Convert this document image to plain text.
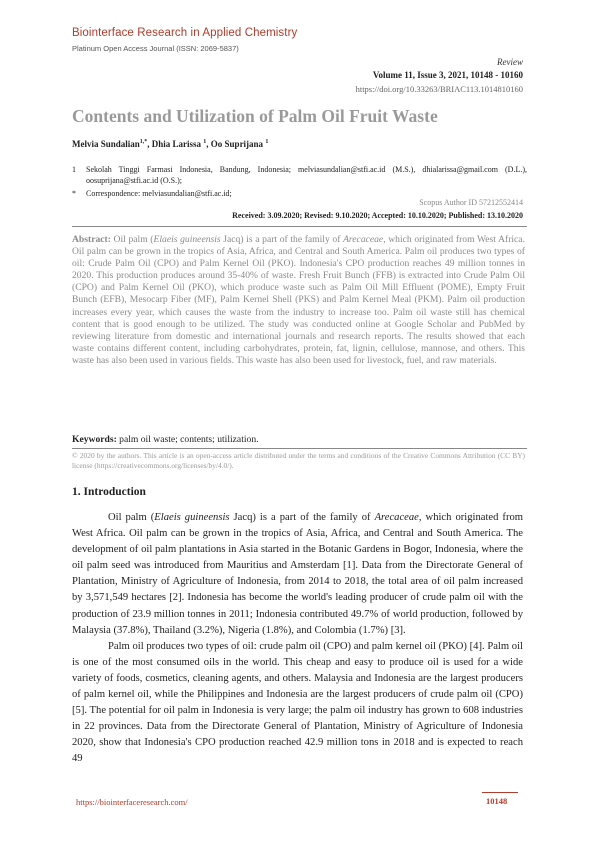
Biointerface Research in Applied Chemistry
Platinum Open Access Journal (ISSN: 2069-5837)
Review
Volume 11, Issue 3, 2021, 10148 - 10160
https://doi.org/10.33263/BRIAC113.1014810160
Contents and Utilization of Palm Oil Fruit Waste
Melvia Sundalian$^{1,*}$, Dhia Larissa $^1$, Oo Suprijana $^1$
1	Sekolah Tinggi Farmasi Indonesia, Bandung, Indonesia; melviasundalian@stfi.ac.id (M.S.), dhialarissa@gmail.com (D.L.), oosuprijana@stfi.ac.id (O.S.);
*	Correspondence: melviasundalian@stfi.ac.id;
Scopus Author ID 57212552414
Received: 3.09.2020; Revised: 9.10.2020; Accepted: 10.10.2020; Published: 13.10.2020
Abstract: Oil palm (Elaeis guineensis Jacq) is a part of the family of Arecaceae, which originated from West Africa. Oil palm can be grown in the tropics of Asia, Africa, and Central and South America. Palm oil produces two types of oil: Crude Palm Oil (CPO) and Palm Kernel Oil (PKO). Indonesia's CPO production reaches 49 million tonnes in 2020. This production produces around 35-40% of waste. Fresh Fruit Bunch (FFB) is extracted into Crude Palm Oil (CPO) and Palm Kernel Oil (PKO), which produce waste such as Palm Oil Mill Effluent (POME), Empty Fruit Bunch (EFB), Mesocarp Fiber (MF), Palm Kernel Shell (PKS) and Palm Kernel Meal (PKM). Palm oil production increases every year, which causes the waste from the industry to increase too. Palm oil waste still has chemical content that is good enough to be utilized. The study was conducted online at Google Scholar and PubMed by reviewing literature from domestic and international journals and research reports. The results showed that each waste contains different content, including carbohydrates, protein, fat, lignin, cellulose, mannose, and others. This waste has also been used in various fields. This waste has also been used for livestock, fuel, and raw materials.
Keywords: palm oil waste; contents; utilization.
© 2020 by the authors. This article is an open-access article distributed under the terms and conditions of the Creative Commons Attribution (CC BY) license (https://creativecommons.org/licenses/by/4.0/).
1. Introduction

Oil palm (Elaeis guineensis Jacq) is a part of the family of Arecaceae, which originated from West Africa. Oil palm can be grown in the tropics of Asia, Africa, and Central and South America. The development of oil palm plantations in Asia started in the Botanic Gardens in Bogor, Indonesia, where the oil palm seed was introduced from Mauritius and Amsterdam [1]. Data from the Directorate General of Plantation, Ministry of Agriculture of Indonesia, from 2014 to 2018, the total area of oil palm increased by 3,571,549 hectares [2]. Indonesia has become the world's leading producer of crude palm oil with the production of 23.9 million tonnes in 2011; Indonesia contributed 49.7% of world production, followed by Malaysia (37.8%), Thailand (3.2%), Nigeria (1.8%), and Colombia (1.7%) [3].

Palm oil produces two types of oil: crude palm oil (CPO) and palm kernel oil (PKO) [4]. Palm oil is one of the most consumed oils in the world. This cheap and easy to produce oil is used for a wide variety of foods, cosmetics, cleaning agents, and others. Malaysia and Indonesia are the largest producers of palm kernel oil, while the Philippines and Indonesia are the largest producers of crude palm oil (CPO) [5]. The potential for oil palm in Indonesia is very large; the palm oil industry has grown to 608 industries in 22 provinces. Data from the Directorate General of Plantation, Ministry of Agriculture of Indonesia 2020, show that Indonesia's CPO production reached 42.9 million tons in 2018 and is expected to reach 49

https://biointerfaceresearch.com/	10148
